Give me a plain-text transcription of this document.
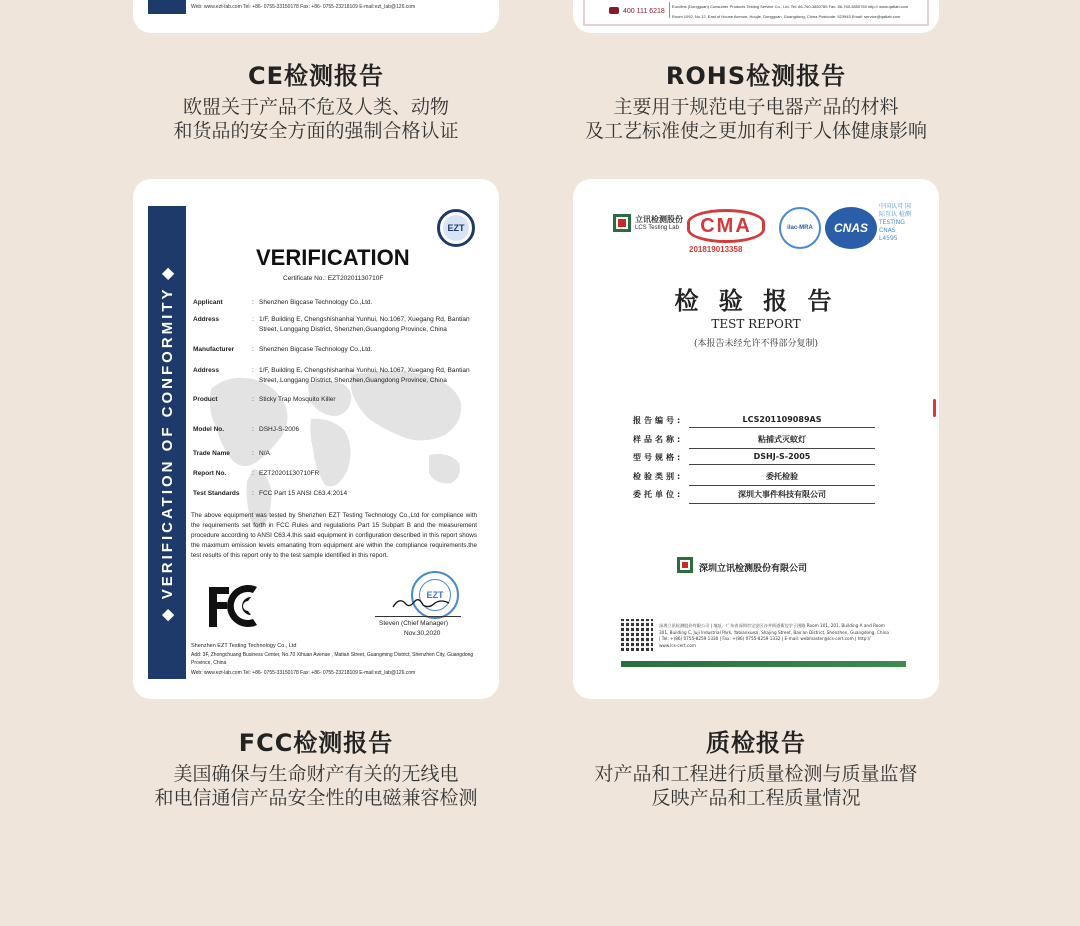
Web: www.ezt-lab.com Tel: +86- 0755-33150178 Fax: +86- 0755-23218109 E-mail:ezt_lab@126.com
400 111 6218
Eurofins (Dongguan) Consumer Products Testing Service Co., Ltd. Tel: 86-760-3850789 Fax: 86-760-3850789 http:// www.qatlab.com
Room 1092, No.12, East of House Avenue, Houjie, Dongguan, Guangdong, China Postcode: 523945 Email: service@qatlab.com
CE检测报告

欧盟关于产品不危及人类、动物

和货品的安全方面的强制合格认证

ROHS检测报告

主要用于规范电子电器产品的材料

及工艺标准使之更加有利于人体健康影响

◆ VERIFICATION OF CONFORMITY ◆
EZT
VERIFICATION
Certificate No.: EZT20201130710F
Applicant	: Shenzhen Bigcase Technology Co.,Ltd.
Address	: 1/F, Building E, Chengshishanhai Yunhui, No.1067, Xuegang Rd, Bantian Street, Longgang District, Shenzhen,Guangdong Province, China
Manufacturer	: Shenzhen Bigcase Technology Co.,Ltd.
Address	: 1/F, Building E, Chengshishanhai Yunhui, No.1067, Xuegang Rd, Bantian Street, Longgang District, Shenzhen,Guangdong Province, China
Product	: Sticky Trap Mosquito Killer
Model No.	: DSHJ-S-2006
Trade Name	: N/A
Report No.	: EZT20201130710FR
Test Standards	: FCC Part 15 ANSI C63.4:2014
The above equipment was tested by Shenzhen EZT Testing Technology Co.,Ltd for compliance with the requirements set forth in FCC Rules and regulations Part 15 Subpart B and the measurement procedure according to ANSI C63.4.this said equipment in configuration described in this report shows the maximum emission levels emanating from equipment are within the compliance requirements.the test results of this report only to the test sample identified in this report.
EZT
Steven (Chief Manager)
Nov.30,2020
Shenzhen EZT Testing Technology Co., Ltd
Add: 3F, Zhongchuang Business Center, No.70 Xihuan Avenue , Matian Street, Guangming District, Shenzhen City, Guangdong Province, China
Web: www.ezt-lab.com Tel: +86- 0755-33150178 Fax: +86- 0755-23218109 E-mail:ezt_lab@126.com
立讯检测股份
LCS Testing Lab	CMA
201819013358
ilac-MRA CNAS
中国认可 国际互认 检测 TESTING CNAS L4595
检 验 报 告
TEST REPORT
(本报告未经允许不得部分复制)
报告编号:	LCS201109089AS
样品名称:	粘捕式灭蚊灯
型号规格:	DSHJ-S-2005
检验类别:	委托检验
委托单位:	深圳大事件科技有限公司
深圳立讯检测股份有限公司
深圳立讯检测股份有限公司 | 地址：广东省深圳市宝安区沙井街道衙边学子围路 Room 101, 201, Building A and Room 301, Building C, Juji Industrial Park, Yabianxuezi, Shajing Street, Bao'an District, Shenzhen, Guangdong, China | Tel: +(86) 0755-8259 1330 | Fax: +(86) 0755-8259 1332 | E-mail: webmaster@lcs-cert.com | http:// www.lcs-cert.com
FCC检测报告

美国确保与生命财产有关的无线电

和电信通信产品安全性的电磁兼容检测

质检报告

对产品和工程进行质量检测与质量监督

反映产品和工程质量情况
